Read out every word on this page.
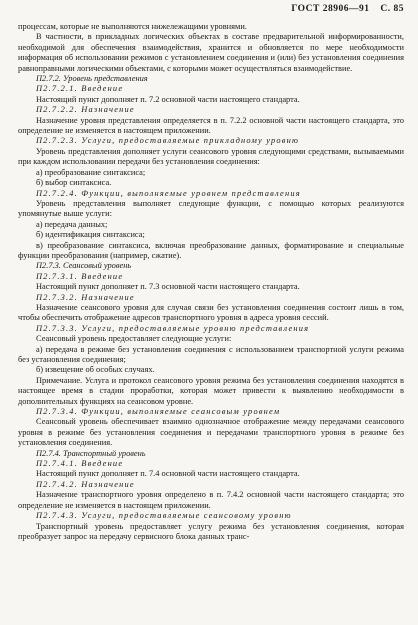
ГОСТ 28906—91 С. 85

процессам, которые не выполняются нижележащими уровнями.

В частности, в прикладных логических объектах в составе предварительной информированности, необходимой для обеспечения взаимодействия, хранится и обновляется по мере необходимости информация об использовании режимов с установлением соединения и (или) без установления соединения равноправными логическими объектами, с которыми может осуществляться взаимодействие.

П2.7.2. Уровень представления

П2.7.2.1. Введение

Настоящий пункт дополняет п. 7.2 основной части настоящего стандарта.

П2.7.2.2. Назначение

Назначение уровня представления определяется в п. 7.2.2 основной части настоящего стандарта, это определение не изменяется в настоящем приложении.

П2.7.2.3. Услуги, предоставляемые прикладному уровню

Уровень представления дополняет услуги сеансового уровня следующими средствами, вызываемыми при каждом использовании передачи без установления соединения:

а) преобразование синтаксиса;

б) выбор синтаксиса.

П2.7.2.4. Функции, выполняемые уровнем представления

Уровень представления выполняет следующие функции, с помощью которых реализуются упомянутые выше услуги:

а) передача данных;

б) идентификация синтаксиса;

в) преобразование синтаксиса, включая преобразование данных, форматирование и специальные функции преобразования (например, сжатие).

П2.7.3. Сеансовый уровень

П2.7.3.1. Введение

Настоящий пункт дополняет п. 7.3 основной части настоящего стандарта.

П2.7.3.2. Назначение

Назначение сеансового уровня для случая связи без установления соединения состоит лишь в том, чтобы обеспечить отображение адресов транспортного уровня в адреса уровня сессий.

П2.7.3.3. Услуги, предоставляемые уровню представления

Сеансовый уровень предоставляет следующие услуги:

а) передача в режиме без установления соединения с использованием транспортной услуги режима без установления соединения;

б) извещение об особых случаях.

Примечание. Услуга и протокол сеансового уровня режима без установления соединения находятся в настоящее время в стадии проработки, которая может привести к выявлению необходимости в дополнительных функциях на сеансовом уровне.

П2.7.3.4. Функции, выполняемые сеансовым уровнем

Сеансовый уровень обеспечивает взаимно однозначное отображение между передачами сеансового уровня в режиме без установления соединения и передачами транспортного уровня в режиме без установления соединения.

П2.7.4. Транспортный уровень

П2.7.4.1. Введение

Настоящий пункт дополняет п. 7.4 основной части настоящего стандарта.

П2.7.4.2. Назначение

Назначение транспортного уровня определено в п. 7.4.2 основной части настоящего стандарта; это определение не изменяется в настоящем приложении.

П2.7.4.3. Услуги, предоставляемые сеансовому уровню

Транспортный уровень предоставляет услугу режима без установления соединения, которая преобразует запрос на передачу сервисного блока данных транс-
